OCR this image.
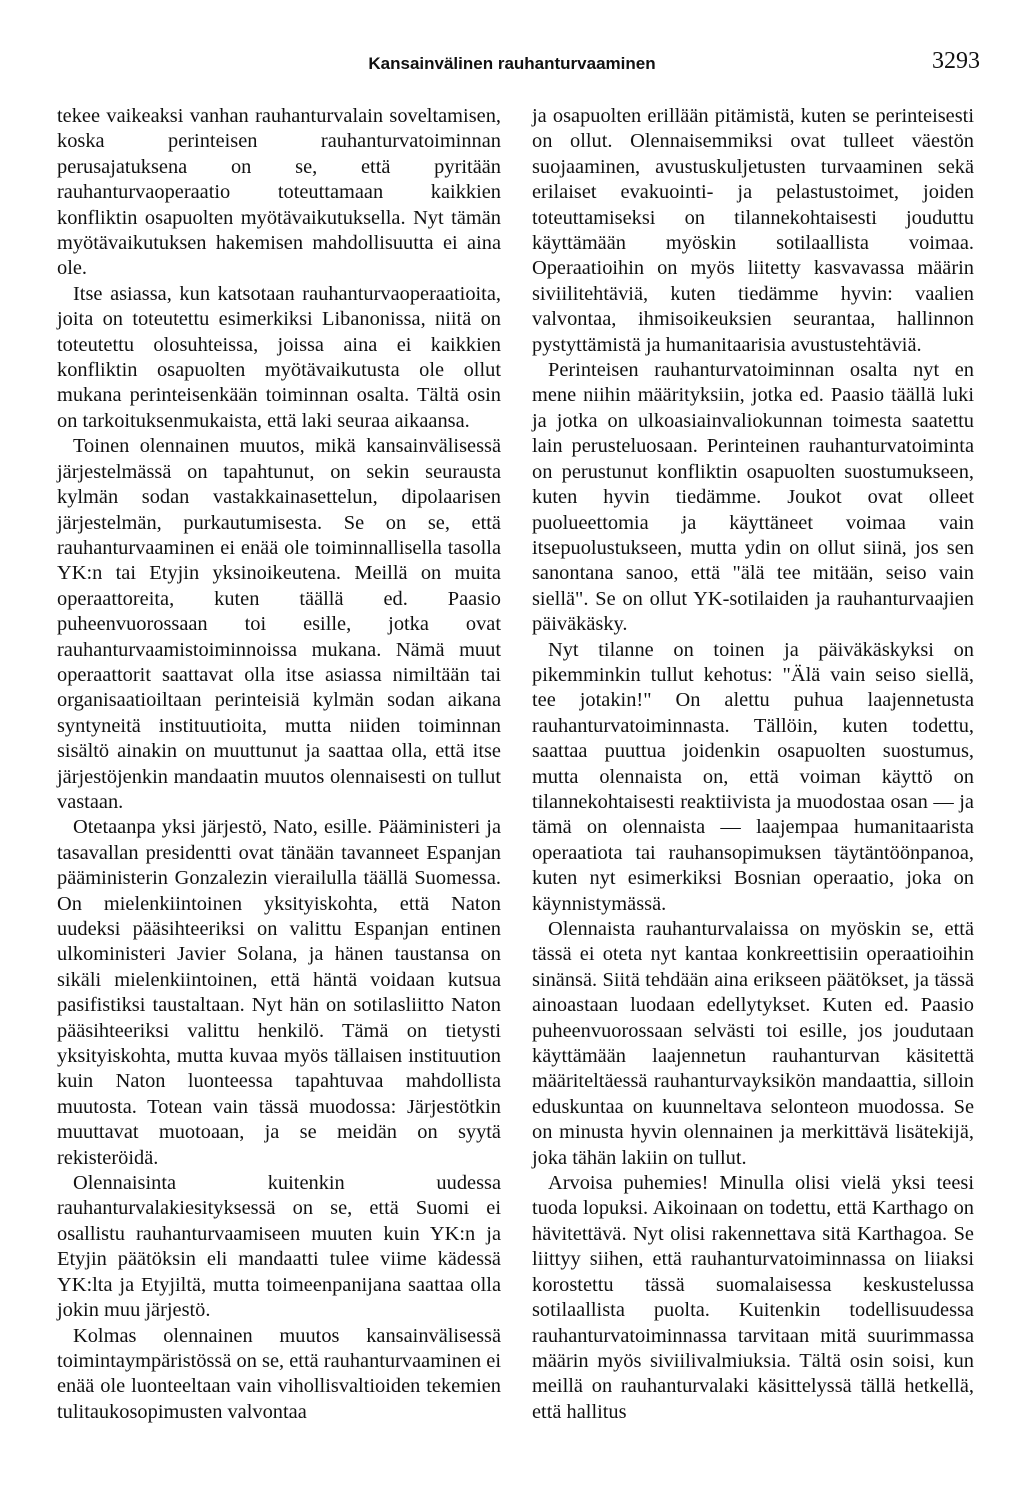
Kansainvälinen rauhanturvaaminen	3293

tekee vaikeaksi vanhan rauhanturvalain soveltamisen, koska perinteisen rauhanturvatoiminnan perusajatuksena on se, että pyritään rauhanturvaoperaatio toteuttamaan kaikkien konfliktin osapuolten myötävaikutuksella. Nyt tämän myötävaikutuksen hakemisen mahdollisuutta ei aina ole.

Itse asiassa, kun katsotaan rauhanturvaoperaatioita, joita on toteutettu esimerkiksi Libanonissa, niitä on toteutettu olosuhteissa, joissa aina ei kaikkien konfliktin osapuolten myötävaikutusta ole ollut mukana perinteisenkään toiminnan osalta. Tältä osin on tarkoituksenmukaista, että laki seuraa aikaansa.

Toinen olennainen muutos, mikä kansainvälisessä järjestelmässä on tapahtunut, on sekin seurausta kylmän sodan vastakkainasettelun, dipolaarisen järjestelmän, purkautumisesta. Se on se, että rauhanturvaaminen ei enää ole toiminnallisella tasolla YK:n tai Etyjin yksinoikeutena. Meillä on muita operaattoreita, kuten täällä ed. Paasio puheenvuorossaan toi esille, jotka ovat rauhanturvaamistoiminnoissa mukana. Nämä muut operaattorit saattavat olla itse asiassa nimiltään tai organisaatioiltaan perinteisiä kylmän sodan aikana syntyneitä instituutioita, mutta niiden toiminnan sisältö ainakin on muuttunut ja saattaa olla, että itse järjestöjenkin mandaatin muutos olennaisesti on tullut vastaan.

Otetaanpa yksi järjestö, Nato, esille. Pääministeri ja tasavallan presidentti ovat tänään tavanneet Espanjan pääministerin Gonzalezin vierailulla täällä Suomessa. On mielenkiintoinen yksityiskohta, että Naton uudeksi pääsihteeriksi on valittu Espanjan entinen ulkoministeri Javier Solana, ja hänen taustansa on sikäli mielenkiintoinen, että häntä voidaan kutsua pasifistiksi taustaltaan. Nyt hän on sotilasliitto Naton pääsihteeriksi valittu henkilö. Tämä on tietysti yksityiskohta, mutta kuvaa myös tällaisen instituution kuin Naton luonteessa tapahtuvaa mahdollista muutosta. Totean vain tässä muodossa: Järjestötkin muuttavat muotoaan, ja se meidän on syytä rekisteröidä.

Olennaisinta kuitenkin uudessa rauhanturvalakiesityksessä on se, että Suomi ei osallistu rauhanturvaamiseen muuten kuin YK:n ja Etyjin päätöksin eli mandaatti tulee viime kädessä YK:lta ja Etyjiltä, mutta toimeenpanijana saattaa olla jokin muu järjestö.

Kolmas olennainen muutos kansainvälisessä toimintaympäristössä on se, että rauhanturvaaminen ei enää ole luonteeltaan vain vihollisvaltioiden tekemien tulitaukosopimusten valvontaa

ja osapuolten erillään pitämistä, kuten se perinteisesti on ollut. Olennaisemmiksi ovat tulleet väestön suojaaminen, avustuskuljetusten turvaaminen sekä erilaiset evakuointi- ja pelastustoimet, joiden toteuttamiseksi on tilannekohtaisesti jouduttu käyttämään myöskin sotilaallista voimaa. Operaatioihin on myös liitetty kasvavassa määrin siviilitehtäviä, kuten tiedämme hyvin: vaalien valvontaa, ihmisoikeuksien seurantaa, hallinnon pystyttämistä ja humanitaarisia avustustehtäviä.

Perinteisen rauhanturvatoiminnan osalta nyt en mene niihin määrityksiin, jotka ed. Paasio täällä luki ja jotka on ulkoasiainvaliokunnan toimesta saatettu lain perusteluosaan. Perinteinen rauhanturvatoiminta on perustunut konfliktin osapuolten suostumukseen, kuten hyvin tiedämme. Joukot ovat olleet puolueettomia ja käyttäneet voimaa vain itsepuolustukseen, mutta ydin on ollut siinä, jos sen sanontana sanoo, että "älä tee mitään, seiso vain siellä". Se on ollut YK-sotilaiden ja rauhanturvaajien päiväkäsky.

Nyt tilanne on toinen ja päiväkäskyksi on pikemminkin tullut kehotus: "Älä vain seiso siellä, tee jotakin!" On alettu puhua laajennetusta rauhanturvatoiminnasta. Tällöin, kuten todettu, saattaa puuttua joidenkin osapuolten suostumus, mutta olennaista on, että voiman käyttö on tilannekohtaisesti reaktiivista ja muodostaa osan — ja tämä on olennaista — laajempaa humanitaarista operaatiota tai rauhansopimuksen täytäntöönpanoa, kuten nyt esimerkiksi Bosnian operaatio, joka on käynnistymässä.

Olennaista rauhanturvalaissa on myöskin se, että tässä ei oteta nyt kantaa konkreettisiin operaatioihin sinänsä. Siitä tehdään aina erikseen päätökset, ja tässä ainoastaan luodaan edellytykset. Kuten ed. Paasio puheenvuorossaan selvästi toi esille, jos joudutaan käyttämään laajennetun rauhanturvan käsitettä määriteltäessä rauhanturvayksikön mandaattia, silloin eduskuntaa on kuunneltava selonteon muodossa. Se on minusta hyvin olennainen ja merkittävä lisätekijä, joka tähän lakiin on tullut.

Arvoisa puhemies! Minulla olisi vielä yksi teesi tuoda lopuksi. Aikoinaan on todettu, että Karthago on hävitettävä. Nyt olisi rakennettava sitä Karthagoa. Se liittyy siihen, että rauhanturvatoiminnassa on liiaksi korostettu tässä suomalaisessa keskustelussa sotilaallista puolta. Kuitenkin todellisuudessa rauhanturvatoiminnassa tarvitaan mitä suurimmassa määrin myös siviilivalmiuksia. Tältä osin soisi, kun meillä on rauhanturvalaki käsittelyssä tällä hetkellä, että hallitus
